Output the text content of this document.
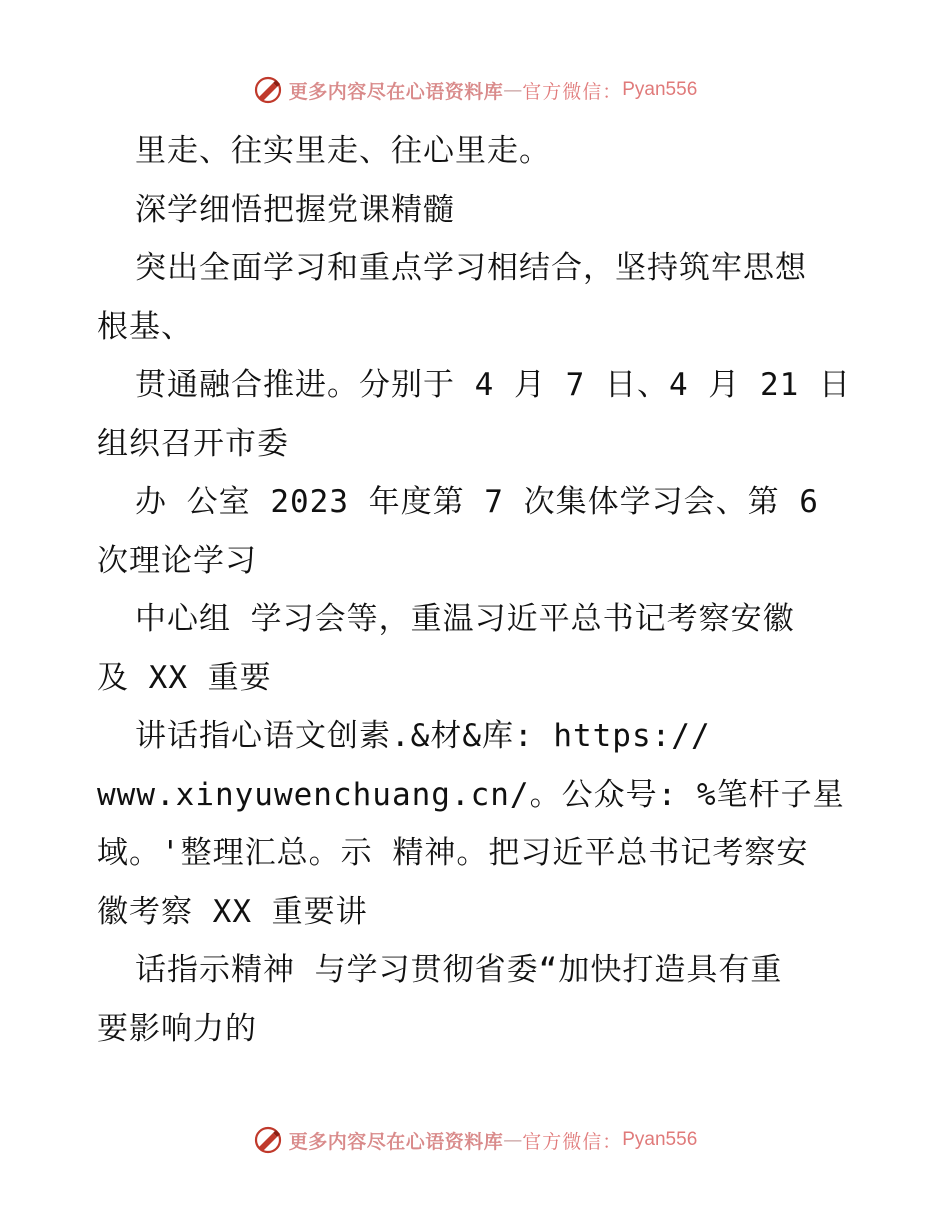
更多内容尽在心语资料库 — 官方微信： Pyan556
里走、往实里走、往心里走。
深学细悟把握党课精髓
突出全面学习和重点学习相结合，坚持筑牢思想
根基、
贯通融合推进。分别于 4 月 7 日、4 月 21 日
组织召开市委
办 公室 2023 年度第 7 次集体学习会、第 6
次理论学习
中心组 学习会等，重温习近平总书记考察安徽
及 XX 重要
讲话指心语文创素.&材&库: https://
www.xinyuwenchuang.cn/。公众号: %笔杆子星
域。'整理汇总。示 精神。把习近平总书记考察安
徽考察 XX 重要讲
话指示精神 与学习贯彻省委“加快打造具有重
要影响力的
更多内容尽在心语资料库 — 官方微信： Pyan556
